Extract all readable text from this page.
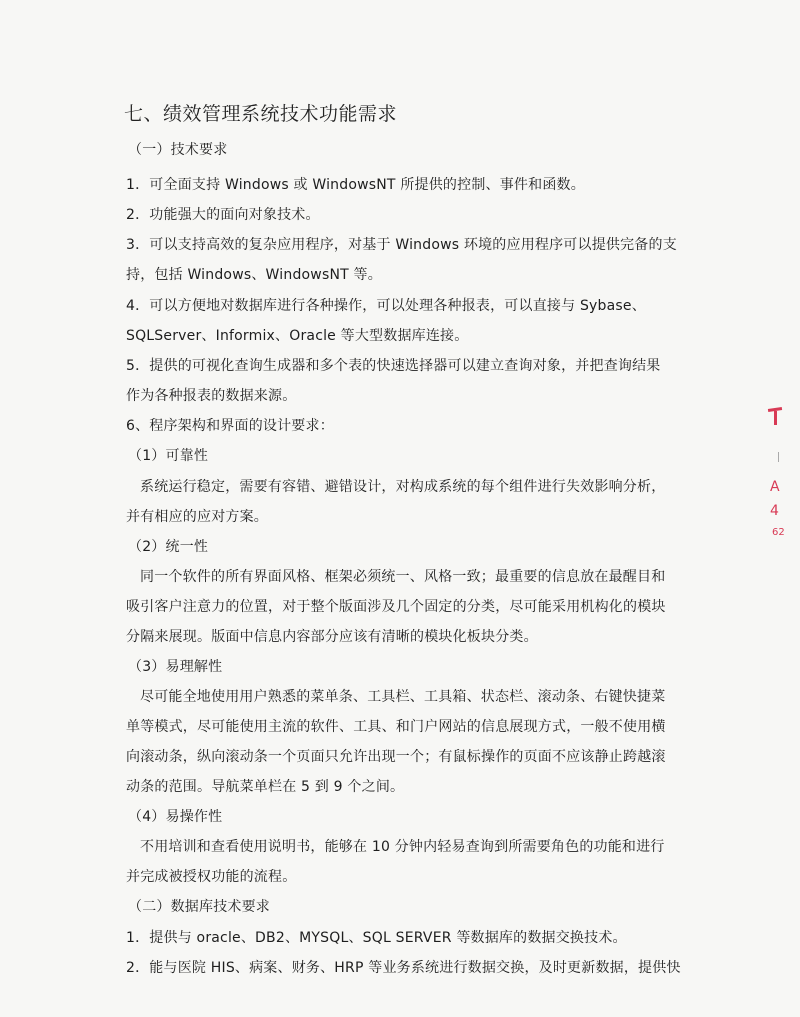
七、绩效管理系统技术功能需求
（一）技术要求
1．可全面支持 Windows 或 WindowsNT 所提供的控制、事件和函数。
2．功能强大的面向对象技术。
3．可以支持高效的复杂应用程序，对基于 Windows 环境的应用程序可以提供完备的支
持，包括 Windows、WindowsNT 等。
4．可以方便地对数据库进行各种操作，可以处理各种报表，可以直接与 Sybase、
SQLServer、Informix、Oracle 等大型数据库连接。
5．提供的可视化查询生成器和多个表的快速选择器可以建立查询对象，并把查询结果
作为各种报表的数据来源。
6、程序架构和界面的设计要求：
（1）可靠性
系统运行稳定，需要有容错、避错设计，对构成系统的每个组件进行失效影响分析，
并有相应的应对方案。
（2）统一性
同一个软件的所有界面风格、框架必须统一、风格一致；最重要的信息放在最醒目和
吸引客户注意力的位置，对于整个版面涉及几个固定的分类，尽可能采用机构化的模块
分隔来展现。版面中信息内容部分应该有清晰的模块化板块分类。
（3）易理解性
尽可能全地使用用户熟悉的菜单条、工具栏、工具箱、状态栏、滚动条、右键快捷菜
单等模式，尽可能使用主流的软件、工具、和门户网站的信息展现方式，一般不使用横
向滚动条，纵向滚动条一个页面只允许出现一个；有鼠标操作的页面不应该静止跨越滚
动条的范围。导航菜单栏在 5 到 9 个之间。
（4）易操作性
不用培训和查看使用说明书，能够在 10 分钟内轻易查询到所需要角色的功能和进行
并完成被授权功能的流程。
（二）数据库技术要求
1．提供与 oracle、DB2、MYSQL、SQL SERVER 等数据库的数据交换技术。
2．能与医院 HIS、病案、财务、HRP 等业务系统进行数据交换，及时更新数据，提供快
A
4
62
